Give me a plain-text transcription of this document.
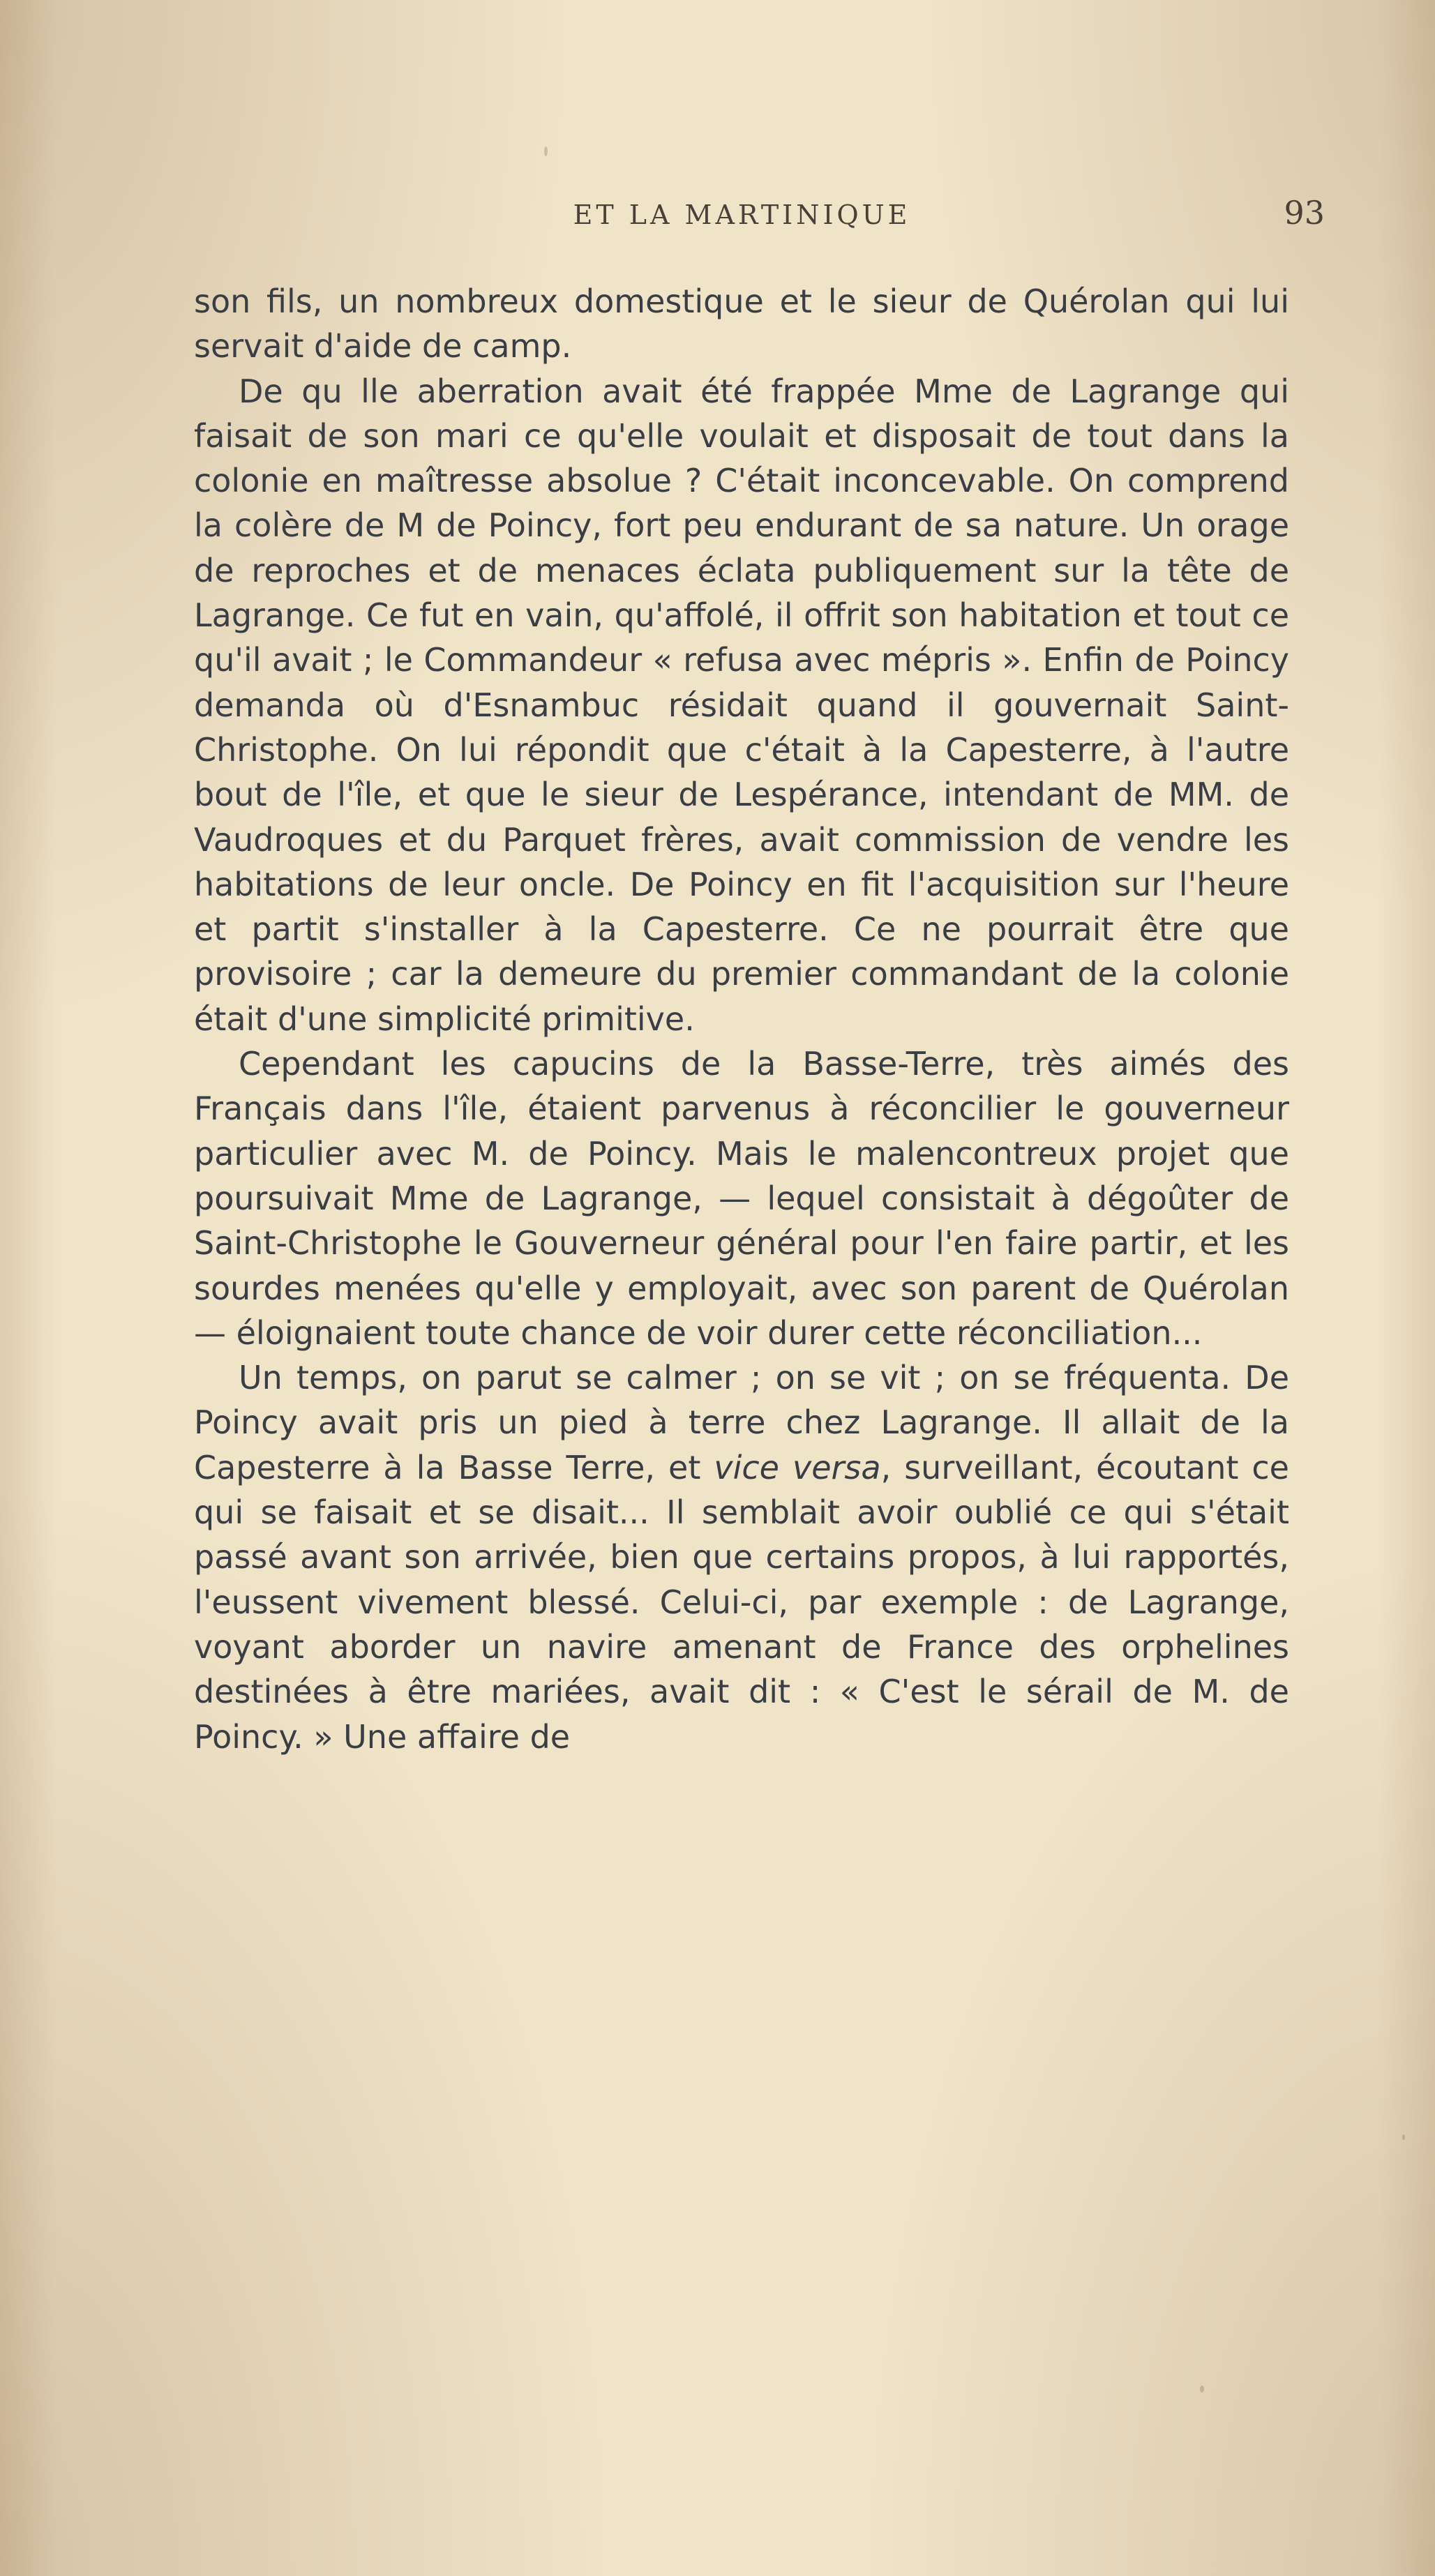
ET LA MARTINIQUE	93

son fils, un nombreux domestique et le sieur de Quérolan qui lui servait d'aide de camp.

De qu lle aberration avait été frappée Mme de Lagrange qui faisait de son mari ce qu'elle voulait et disposait de tout dans la colonie en maîtresse absolue ? C'était inconcevable. On comprend la colère de M de Poincy, fort peu endurant de sa nature. Un orage de reproches et de menaces éclata publiquement sur la tête de Lagrange. Ce fut en vain, qu'affolé, il offrit son habitation et tout ce qu'il avait ; le Commandeur « refusa avec mépris ». Enfin de Poincy demanda où d'Esnambuc résidait quand il gouvernait Saint-Christophe. On lui répondit que c'était à la Capesterre, à l'autre bout de l'île, et que le sieur de Lespérance, intendant de MM. de Vaudroques et du Parquet frères, avait commission de vendre les habitations de leur oncle. De Poincy en fit l'acquisition sur l'heure et partit s'installer à la Capesterre. Ce ne pourrait être que provisoire ; car la demeure du premier commandant de la colonie était d'une simplicité primitive.

Cependant les capucins de la Basse-Terre, très aimés des Français dans l'île, étaient parvenus à réconcilier le gouverneur particulier avec M. de Poincy. Mais le malencontreux projet que poursuivait Mme de Lagrange, — lequel consistait à dégoûter de Saint-Christophe le Gouverneur général pour l'en faire partir, et les sourdes menées qu'elle y employait, avec son parent de Quérolan — éloignaient toute chance de voir durer cette réconciliation...

Un temps, on parut se calmer ; on se vit ; on se fréquenta. De Poincy avait pris un pied à terre chez Lagrange. Il allait de la Capesterre à la Basse Terre, et vice versa, surveillant, écoutant ce qui se faisait et se disait... Il semblait avoir oublié ce qui s'était passé avant son arrivée, bien que certains propos, à lui rapportés, l'eussent vivement blessé. Celui-ci, par exemple : de Lagrange, voyant aborder un navire amenant de France des orphelines destinées à être mariées, avait dit : « C'est le sérail de M. de Poincy. » Une affaire de
